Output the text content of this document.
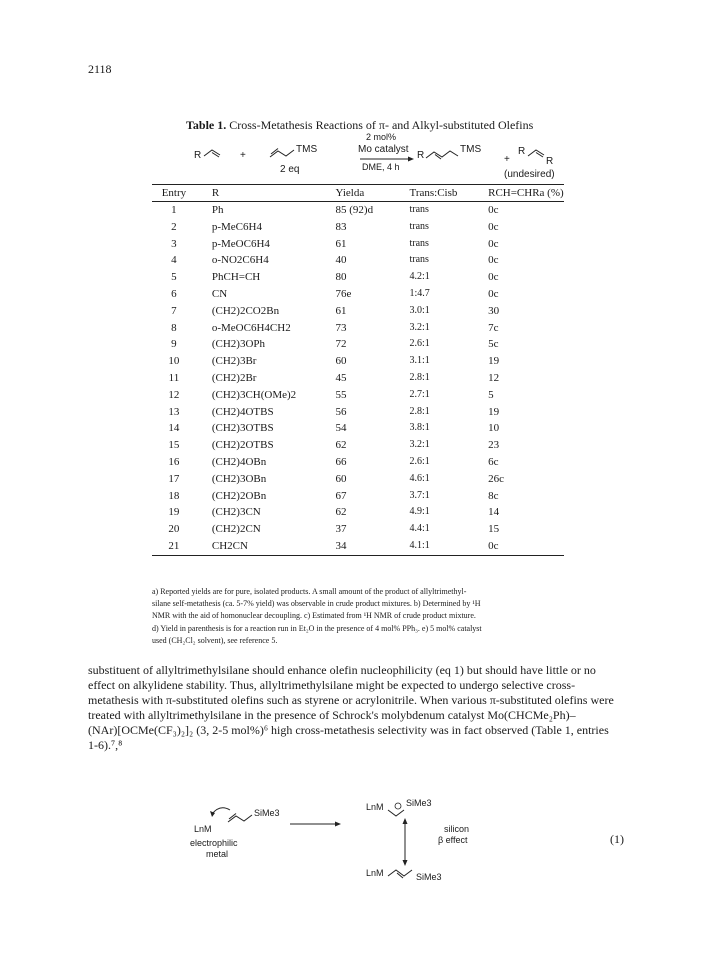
2118
Table 1. Cross-Metathesis Reactions of π- and Alkyl-substituted Olefins
R	+
TMS
2 eq
2 mol%
Mo catalyst
DME, 4 h
R
TMS
+
R
R
(undesired)
Entry	R	Yielda	Trans:Cisb	RCH=CHRa (%)
1	Ph	85 (92)d	trans	0c
2	p-MeC6H4	83	trans	0c
3	p-MeOC6H4	61	trans	0c
4	o-NO2C6H4	40	trans	0c
5	PhCH=CH	80	4.2:1	0c
6	CN	76e	1:4.7	0c
7	(CH2)2CO2Bn	61	3.0:1	30
8	o-MeOC6H4CH2	73	3.2:1	7c
9	(CH2)3OPh	72	2.6:1	5c
10	(CH2)3Br	60	3.1:1	19
11	(CH2)2Br	45	2.8:1	12
12	(CH2)3CH(OMe)2	55	2.7:1	5
13	(CH2)4OTBS	56	2.8:1	19
14	(CH2)3OTBS	54	3.8:1	10
15	(CH2)2OTBS	62	3.2:1	23
16	(CH2)4OBn	66	2.6:1	6c
17	(CH2)3OBn	60	4.6:1	26c
18	(CH2)2OBn	67	3.7:1	8c
19	(CH2)3CN	62	4.9:1	14
20	(CH2)2CN	37	4.4:1	15
21	CH2CN	34	4.1:1	0c
a) Reported yields are for pure, isolated products. A small amount of the product of allyltrimethyl-
silane self-metathesis (ca. 5-7% yield) was observable in crude product mixtures. b) Determined by ¹H
NMR with the aid of homonuclear decoupling. c) Estimated from ¹H NMR of crude product mixture.
d) Yield in parenthesis is for a reaction run in Et₂O in the presence of 4 mol% PPh₃. e) 5 mol% catalyst
used (CH₂Cl₂ solvent), see reference 5.
substituent of allyltrimethylsilane should enhance olefin nucleophilicity (eq 1) but should have little or no
effect on alkylidene stability. Thus, allyltrimethylsilane might be expected to undergo selective cross-
metathesis with π-substituted olefins such as styrene or acrylonitrile. When various π-substituted olefins were
treated with allyltrimethylsilane in the presence of Schrock's molybdenum catalyst Mo(CHCMe₂Ph)–
(NAr)[OCMe(CF₃)₂]₂ (3, 2-5 mol%)⁶ high cross-metathesis selectivity was in fact observed (Table 1, entries
1-6).⁷,⁸
LnM
SiMe3
electrophilic
metal
LnM SiMe3
silicon
β effect
LnM	SiMe3
(1)
